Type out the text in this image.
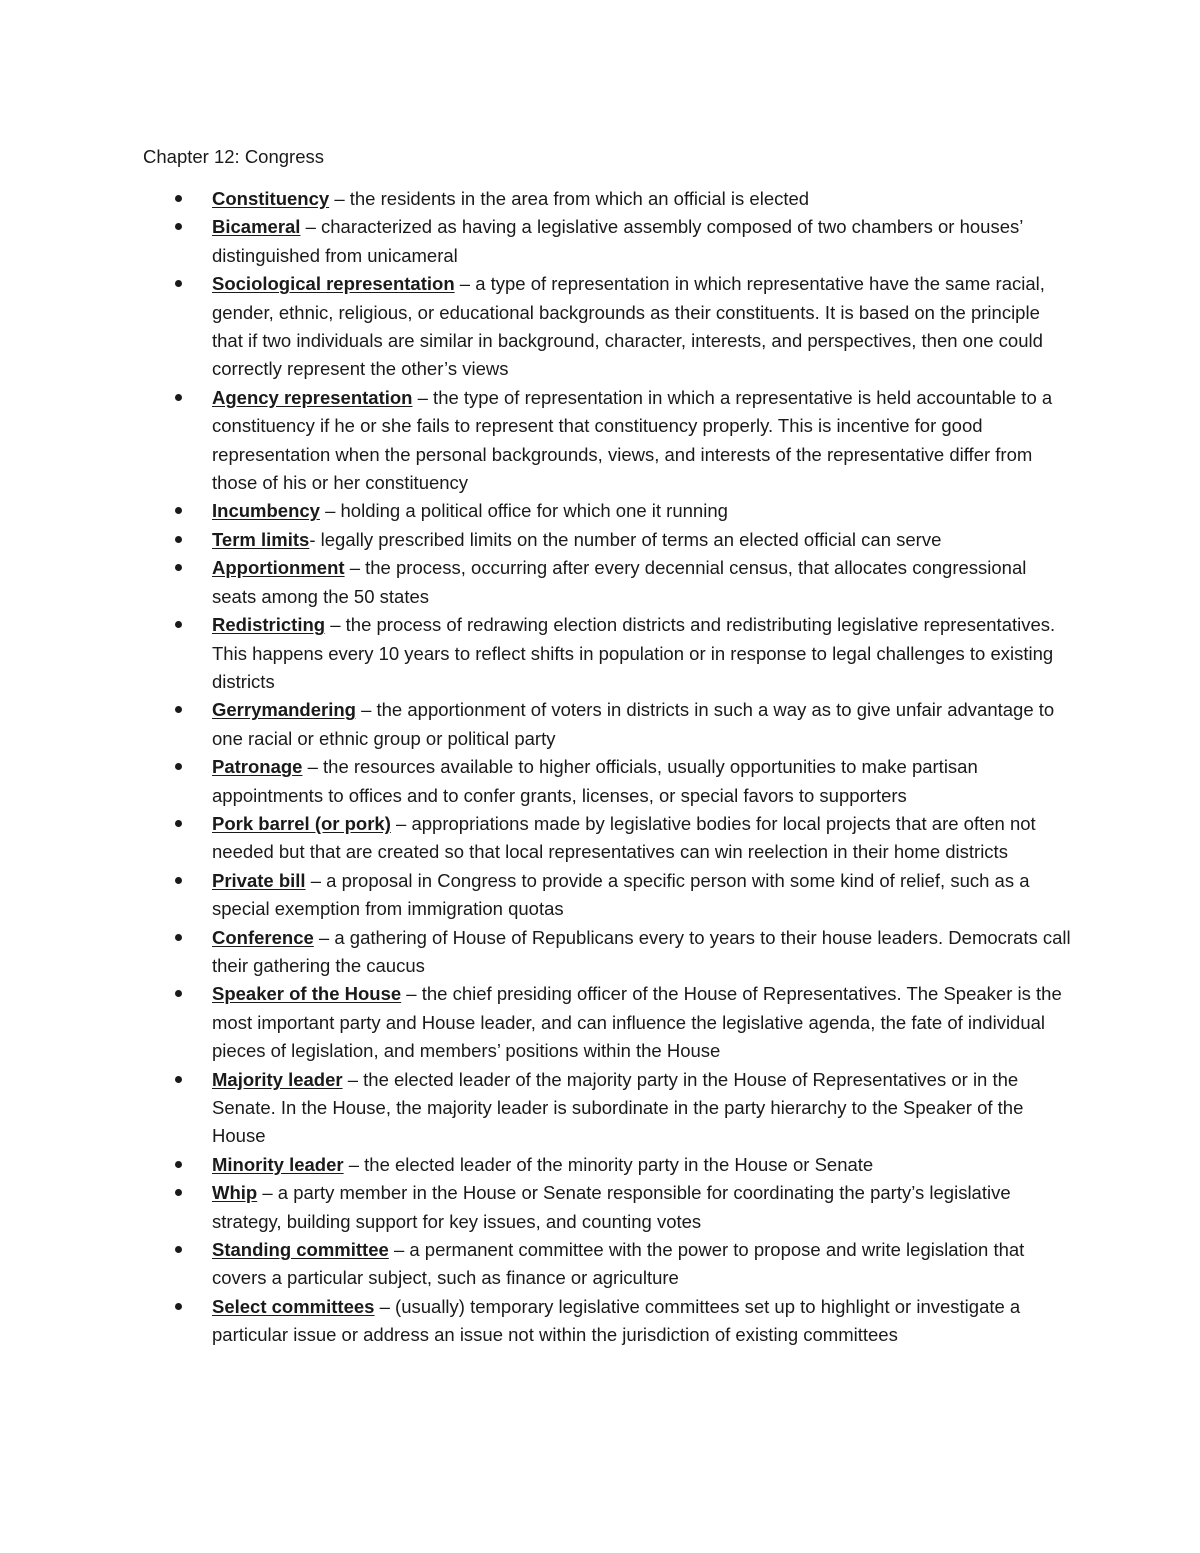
Chapter 12: Congress
Constituency – the residents in the area from which an official is elected
Bicameral – characterized as having a legislative assembly composed of two chambers or houses’ distinguished from unicameral
Sociological representation – a type of representation in which representative have the same racial, gender, ethnic, religious, or educational backgrounds as their constituents. It is based on the principle that if two individuals are similar in background, character, interests, and perspectives, then one could correctly represent the other’s views
Agency representation – the type of representation in which a representative is held accountable to a constituency if he or she fails to represent that constituency properly. This is incentive for good representation when the personal backgrounds, views, and interests of the representative differ from those of his or her constituency
Incumbency – holding a political office for which one it running
Term limits- legally prescribed limits on the number of terms an elected official can serve
Apportionment – the process, occurring after every decennial census, that allocates congressional seats among the 50 states
Redistricting – the process of redrawing election districts and redistributing legislative representatives. This happens every 10 years to reflect shifts in population or in response to legal challenges to existing districts
Gerrymandering – the apportionment of voters in districts in such a way as to give unfair advantage to one racial or ethnic group or political party
Patronage – the resources available to higher officials, usually opportunities to make partisan appointments to offices and to confer grants, licenses, or special favors to supporters
Pork barrel (or pork) – appropriations made by legislative bodies for local projects that are often not needed but that are created so that local representatives can win reelection in their home districts
Private bill – a proposal in Congress to provide a specific person with some kind of relief, such as a special exemption from immigration quotas
Conference – a gathering of House of Republicans every to years to their house leaders. Democrats call their gathering the caucus
Speaker of the House – the chief presiding officer of the House of Representatives. The Speaker is the most important party and House leader, and can influence the legislative agenda, the fate of individual pieces of legislation, and members’ positions within the House
Majority leader – the elected leader of the majority party in the House of Representatives or in the Senate. In the House, the majority leader is subordinate in the party hierarchy to the Speaker of the House
Minority leader – the elected leader of the minority party in the House or Senate
Whip – a party member in the House or Senate responsible for coordinating the party’s legislative strategy, building support for key issues, and counting votes
Standing committee – a permanent committee with the power to propose and write legislation that covers a particular subject, such as finance or agriculture
Select committees – (usually) temporary legislative committees set up to highlight or investigate a particular issue or address an issue not within the jurisdiction of existing committees
